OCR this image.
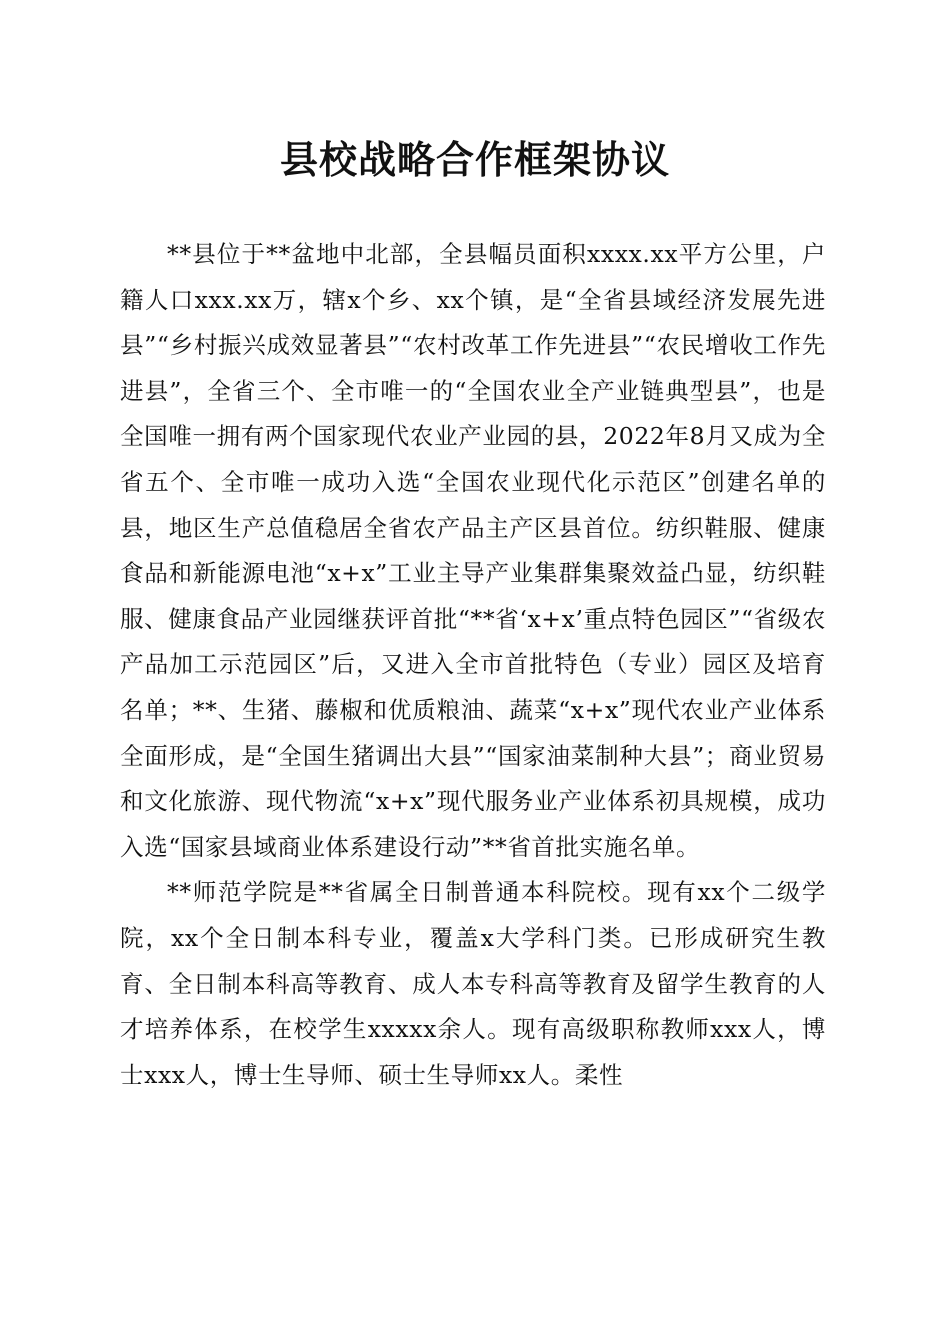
县校战略合作框架协议

**县位于**盆地中北部，全县幅员面积xxxx.xx平方公里，户籍人口xxx.xx万，辖x个乡、xx个镇，是“全省县域经济发展先进县”“乡村振兴成效显著县”“农村改革工作先进县”“农民增收工作先进县”，全省三个、全市唯一的“全国农业全产业链典型县”，也是全国唯一拥有两个国家现代农业产业园的县，2022年8月又成为全省五个、全市唯一成功入选“全国农业现代化示范区”创建名单的县，地区生产总值稳居全省农产品主产区县首位。纺织鞋服、健康食品和新能源电池“x+x”工业主导产业集群集聚效益凸显，纺织鞋服、健康食品产业园继获评首批“**省‘x+x’重点特色园区”“省级农产品加工示范园区”后，又进入全市首批特色（专业）园区及培育名单；**、生猪、藤椒和优质粮油、蔬菜“x+x”现代农业产业体系全面形成，是“全国生猪调出大县”“国家油菜制种大县”；商业贸易和文化旅游、现代物流“x+x”现代服务业产业体系初具规模，成功入选“国家县域商业体系建设行动”**省首批实施名单。

**师范学院是**省属全日制普通本科院校。现有xx个二级学院，xx个全日制本科专业，覆盖x大学科门类。已形成研究生教育、全日制本科高等教育、成人本专科高等教育及留学生教育的人才培养体系，在校学生xxxxx余人。现有高级职称教师xxx人，博士xxx人，博士生导师、硕士生导师xx人。柔性
